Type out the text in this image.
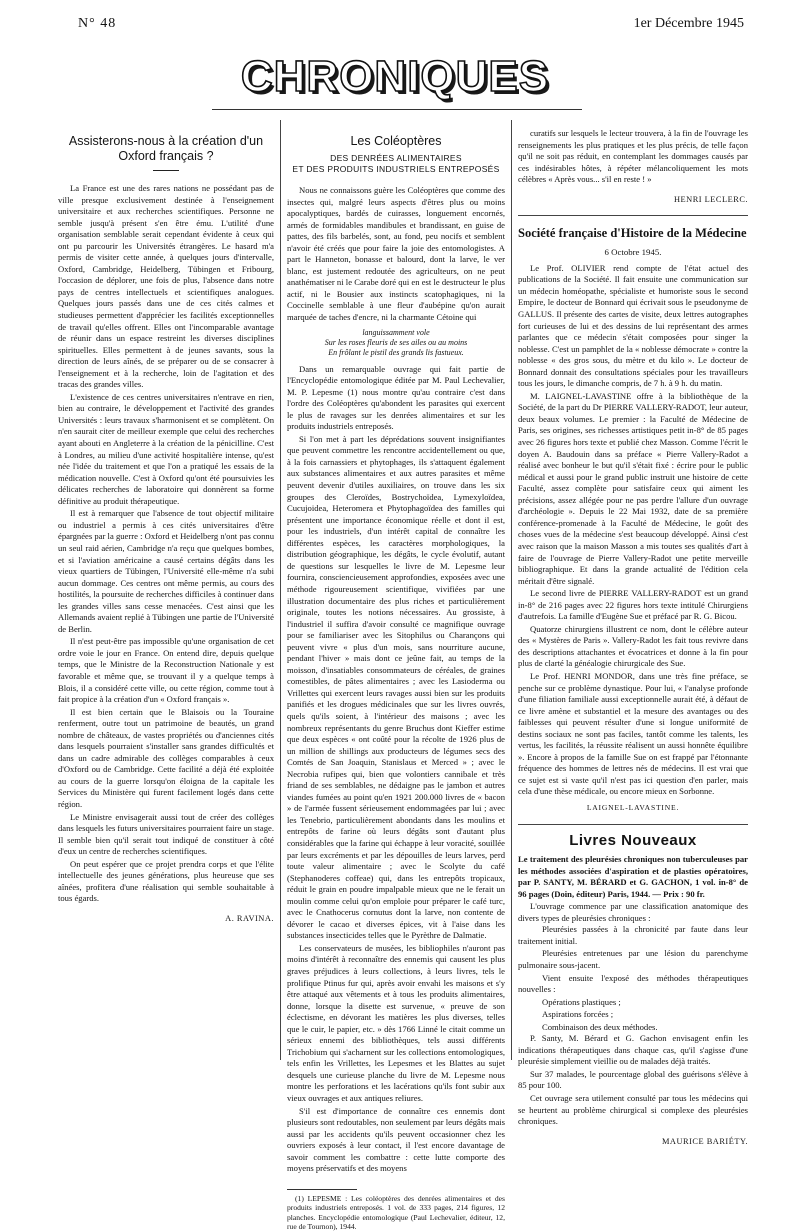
N° 48	1er Décembre 1945
CHRONIQUES
Assisterons-nous à la création d'un Oxford français ?

La France est une des rares nations ne possédant pas de ville presque exclusivement destinée à l'enseignement universitaire et aux recherches scientifiques. Personne ne semble jusqu'à présent s'en être ému. L'utilité d'une organisation semblable serait cependant évidente à ceux qui ont pu parcourir les Universités étrangères. Le hasard m'a permis de visiter cette année, à quelques jours d'intervalle, Oxford, Cambridge, Heidelberg, Tübingen et Fribourg, l'occasion de déplorer, une fois de plus, l'absence dans notre pays de centres intellectuels et scientifiques analogues. Quelques jours passés dans une de ces cités calmes et studieuses permettent d'apprécier les facilités exceptionnelles de travail qu'elles offrent. Elles ont l'incomparable avantage de réunir dans un espace restreint les diverses disciplines spirituelles. Elles permettent à de jeunes savants, sous la direction de leurs aînés, de se préparer ou de se consacrer à l'enseignement et à la recherche, loin de l'agitation et des tracas des grandes villes.

L'existence de ces centres universitaires n'entrave en rien, bien au contraire, le développement et l'activité des grandes Universités : leurs travaux s'harmonisent et se complètent. On n'en saurait citer de meilleur exemple que celui des recherches ayant abouti en Angleterre à la création de la pénicilline. C'est à Londres, au milieu d'une activité hospitalière intense, qu'est née l'idée du traitement et que l'on a pratiqué les essais de la médication nouvelle. C'est à Oxford qu'ont été poursuivies les délicates recherches de laboratoire qui donnèrent sa forme définitive au produit thérapeutique.

Il est à remarquer que l'absence de tout objectif militaire ou industriel a permis à ces cités universitaires d'être épargnées par la guerre : Oxford et Heidelberg n'ont pas connu un seul raid aérien, Cambridge n'a reçu que quelques bombes, et si l'aviation américaine a causé certains dégâts dans les vieux quartiers de Tübingen, l'Université elle-même n'a subi aucun dommage. Ces centres ont même permis, au cours des hostilités, la poursuite de recherches difficiles à continuer dans les grandes villes sans cesse menacées. C'est ainsi que les Allemands avaient replié à Tübingen une partie de l'Université de Berlin.

Il n'est peut-être pas impossible qu'une organisation de cet ordre voie le jour en France. On entend dire, depuis quelque temps, que le Ministre de la Reconstruction Nationale y est favorable et même que, se trouvant il y a quelque temps à Blois, il a considéré cette ville, ou cette région, comme tout à fait propice à la création d'un « Oxford français ».

Il est bien certain que le Blaisois ou la Touraine renferment, outre tout un patrimoine de beautés, un grand nombre de châteaux, de vastes propriétés ou d'anciennes cités dans lesquels pourraient s'installer sans grandes difficultés et dans un cadre admirable des collèges comparables à ceux d'Oxford ou de Cambridge. Cette facilité a déjà été exploitée au cours de la guerre lorsqu'on éloigna de la capitale les Services du Ministère qui furent facilement logés dans cette région.

Le Ministre envisagerait aussi tout de créer des collèges dans lesquels les futurs universitaires pourraient faire un stage. Il semble bien qu'il serait tout indiqué de constituer à côté d'eux un centre de recherches scientifiques.

On peut espérer que ce projet prendra corps et que l'élite intellectuelle des jeunes générations, plus heureuse que ses aînées, profitera d'une réalisation qui semble souhaitable à tous égards.

A. RAVINA.

Les Coléoptères
DES DENRÉES ALIMENTAIRES
ET DES PRODUITS INDUSTRIELS ENTREPOSÉS

Nous ne connaissons guère les Coléoptères que comme des insectes qui, malgré leurs aspects d'êtres plus ou moins apocalyptiques, bardés de cuirasses, longuement encornés, armés de formidables mandibules et brandissant, en guise de pattes, des fils barbelés, sont, au fond, peu nocifs et semblent n'avoir été créés que pour faire la joie des entomologistes. A part le Hanneton, bonasse et balourd, dont la larve, le ver blanc, est justement redoutée des agriculteurs, on ne peut anathématiser ni le Carabe doré qui en est le destructeur le plus actif, ni le Bousier aux instincts scatophagiques, ni la Coccinelle semblable à une fleur d'aubépine qu'on aurait marquée de taches d'encre, ni la charmante Cétoine qui

languissamment vole
Sur les roses fleuris de ses ailes ou au moins
En frôlant le pistil des grands lis fastueux.

Dans un remarquable ouvrage qui fait partie de l'Encyclopédie entomologique éditée par M. Paul Lechevalier, M. P. Lepesme (1) nous montre qu'au contraire c'est dans l'ordre des Coléoptères qu'abondent les parasites qui exercent le plus de ravages sur les denrées alimentaires et sur les produits industriels entreposés.

Si l'on met à part les déprédations souvent insignifiantes que peuvent commettre les rencontre accidentellement ou que, à la fois carnassiers et phytophages, ils s'attaquent également aux substances alimentaires et aux autres parasites et même peuvent devenir d'utiles auxiliaires, on trouve dans les six groupes des Cleroïdes, Bostrychoïdea, Lymexyloïdea, Cucujoidea, Heteromera et Phytophagoïdea des familles qui présentent une importance économique réelle et dont il est, pour les industriels, d'un intérêt capital de connaître les différentes espèces, les caractères morphologiques, la distribution géographique, les dégâts, le cycle évolutif, autant de questions sur lesquelles le livre de M. Lepesme leur fournira, consciencieusement approfondies, exposées avec une méthode rigoureusement scientifique, vivifiées par une illustration documentaire des plus riches et particulièrement originale, toutes les notions nécessaires. Au grossiste, à l'industriel il suffira d'avoir consulté ce magnifique ouvrage pour se familiariser avec les Sitophilus ou Charançons qui peuvent vivre « plus d'un mois, sans nourriture aucune, pendant l'hiver » mais dont ce jeûne fait, au temps de la moisson, d'insatiables consommateurs de céréales, de graines comestibles, de pâtes alimentaires ; avec les Lasioderma ou Vrillettes qui exercent leurs ravages aussi bien sur les produits panifiés et les drogues médicinales que sur les livres ouvrés, quels qu'ils soient, à l'intérieur des maisons ; avec les nombreux représentants du genre Bruchus dont Kieffer estime que deux espèces « ont coûté pour la récolte de 1926 plus de un million de shillings aux producteurs de légumes secs des Comtés de San Joaquin, Stanislaus et Merced » ; avec le Necrobia rufipes qui, bien que volontiers cannibale et très friand de ses semblables, ne dédaigne pas le jambon et autres viandes fumées au point qu'en 1921 200.000 livres de « bacon » de l'armée fussent sérieusement endommagées par lui ; avec les Tenebrio, particulièrement abondants dans les moulins et entrepôts de farine où leurs dégâts sont d'autant plus considérables que la farine qui échappe à leur voracité, souillée par leurs excréments et par les dépouilles de leurs larves, perd toute valeur alimentaire ; avec le Scolyte du café (Stephanoderes coffeae) qui, dans les entrepôts tropicaux, réduit le grain en poudre impalpable mieux que ne le ferait un moulin comme celui qu'on emploie pour préparer le café turc, avec le Cnathocerus cornutus dont la larve, non contente de dévorer le cacao et diverses épices, vit à l'aise dans les substances insecticides telles que le Pyrèthre de Dalmatie.

Les conservateurs de musées, les bibliophiles n'auront pas moins d'intérêt à reconnaître des ennemis qui causent les plus graves préjudices à leurs collections, à leurs livres, tels le prolifique Ptinus fur qui, après avoir envahi les maisons et s'y être attaqué aux vêtements et à tous les produits alimentaires, donne, lorsque la disette est survenue, « preuve de son éclectisme, en dévorant les matières les plus diverses, telles que le cuir, le papier, etc. » dès 1766 Linné le citait comme un sérieux ennemi des bibliothèques, tels aussi différents Trichobium qui s'acharnent sur les collections entomologiques, tels enfin les Vrillettes, les Lepesmes et les Blattes au sujet desquels une curieuse planche du livre de M. Lepesme nous montre les perforations et les lacérations qu'ils font subir aux vieux ouvrages et aux antiques reliures.

S'il est d'importance de connaître ces ennemis dont plusieurs sont redoutables, non seulement par leurs dégâts mais aussi par les accidents qu'ils peuvent occasionner chez les ouvriers exposés à leur contact, il l'est encore davantage de savoir comment les combattre : cette lutte comporte des moyens préservatifs et des moyens

(1) LEPESME : Les coléoptères des denrées alimentaires et des produits industriels entreposés. 1 vol. de 333 pages, 214 figures, 12 planches. Encyclopédie entomologique (Paul Lechevalier, éditeur, 12, rue de Tournon), 1944.

curatifs sur lesquels le lecteur trouvera, à la fin de l'ouvrage les renseignements les plus pratiques et les plus précis, de telle façon qu'il ne soit pas réduit, en contemplant les dommages causés par ces indésirables hôtes, à répéter mélancoliquement les mots célèbres « Après vous... s'il en reste ! »

HENRI LECLERC.

Société française d'Histoire de la Médecine

6 Octobre 1945.

Le Prof. OLIVIER rend compte de l'état actuel des publications de la Société. Il fait ensuite une communication sur un médecin homéopathe, spécialiste et humoriste sous le second Empire, le docteur de Bonnard qui écrivait sous le pseudonyme de GALLUS. Il présente des cartes de visite, deux lettres autographes fort curieuses de lui et des dessins de lui représentant des armes parlantes que ce médecin s'était composées pour singer la noblesse. C'est un pamphlet de la « noblesse démocrate » contre la noblesse « des gros sous, du mètre et du kilo ». Le docteur de Bonnard donnait des consultations spéciales pour les travailleurs tous les jours, le dimanche compris, de 7 h. à 9 h. du matin.

M. LAIGNEL-LAVASTINE offre à la bibliothèque de la Société, de la part du Dr PIERRE VALLERY-RADOT, leur auteur, deux beaux volumes. Le premier : la Faculté de Médecine de Paris, ses origines, ses richesses artistiques petit in-8° de 85 pages avec 26 figures hors texte et publié chez Masson. Comme l'écrit le doyen A. Baudouin dans sa préface « Pierre Vallery-Radot a réalisé avec bonheur le but qu'il s'était fixé : écrire pour le public médical et aussi pour le grand public instruit une histoire de cette Faculté, assez complète pour satisfaire ceux qui aiment les précisions, assez allégée pour ne pas perdre l'allure d'un ouvrage d'archéologie ». Depuis le 22 Mai 1932, date de sa première conférence-promenade à la Faculté de Médecine, le goût des choses vues de la médecine s'est beaucoup développé. Ainsi c'est avec raison que la maison Masson a mis toutes ses qualités d'art à faire de l'ouvrage de Pierre Vallery-Radot une petite merveille bibliographique. Et dans la grande actualité de l'édition cela méritait d'être signalé.

Le second livre de PIERRE VALLERY-RADOT est un grand in-8° de 216 pages avec 22 figures hors texte intitulé Chirurgiens d'autrefois. La famille d'Eugène Sue et préfacé par R. G. Bicou.

Quatorze chirurgiens illustrent ce nom, dont le célèbre auteur des « Mystères de Paris ». Vallery-Radot les fait tous revivre dans des descriptions attachantes et évocatrices et donne à la fin pour plus de clarté la généalogie chirurgicale des Sue.

Le Prof. HENRI MONDOR, dans une très fine préface, se penche sur ce problème dynastique. Pour lui, « l'analyse profonde d'une filiation familiale aussi exceptionnelle aurait été, à défaut de ce livre amène et substantiel et la mesure des avantages ou des faiblesses qui peuvent résulter d'une si longue uniformité de destins sociaux ne sont pas faciles, tantôt comme les talents, les vertus, les facilités, la réussite réalisent un aussi honnête équilibre ». Encore à propos de la famille Sue on est frappé par l'étonnante fréquence des hommes de lettres nés de médecins. Il est vrai que ce sujet est si vaste qu'il n'est pas ici question d'en parler, mais cela d'une thèse médicale, ou encore mieux en Sorbonne.

LAIGNEL-LAVASTINE.

Livres Nouveaux

Le traitement des pleurésies chroniques non tuberculeuses par les méthodes associées d'aspiration et de plasties opératoires, par P. SANTY, M. BÉRARD et G. GACHON, 1 vol. in-8° de 96 pages (Doin, éditeur) Paris, 1944. — Prix : 90 fr.

L'ouvrage commence par une classification anatomique des divers types de pleurésies chroniques :

Pleurésies passées à la chronicité par faute dans leur traitement initial.

Pleurésies entretenues par une lésion du parenchyme pulmonaire sous-jacent.

Vient ensuite l'exposé des méthodes thérapeutiques nouvelles :

Opérations plastiques ;

Aspirations forcées ;

Combinaison des deux méthodes.

P. Santy, M. Bérard et G. Gachon envisagent enfin les indications thérapeutiques dans chaque cas, qu'il s'agisse d'une pleurésie simplement vieillie ou de malades déjà traités.

Sur 37 malades, le pourcentage global des guérisons s'élève à 85 pour 100.

Cet ouvrage sera utilement consulté par tous les médecins qui se heurtent au problème chirurgical si complexe des pleurésies chroniques.

MAURICE BARIÉTY.
